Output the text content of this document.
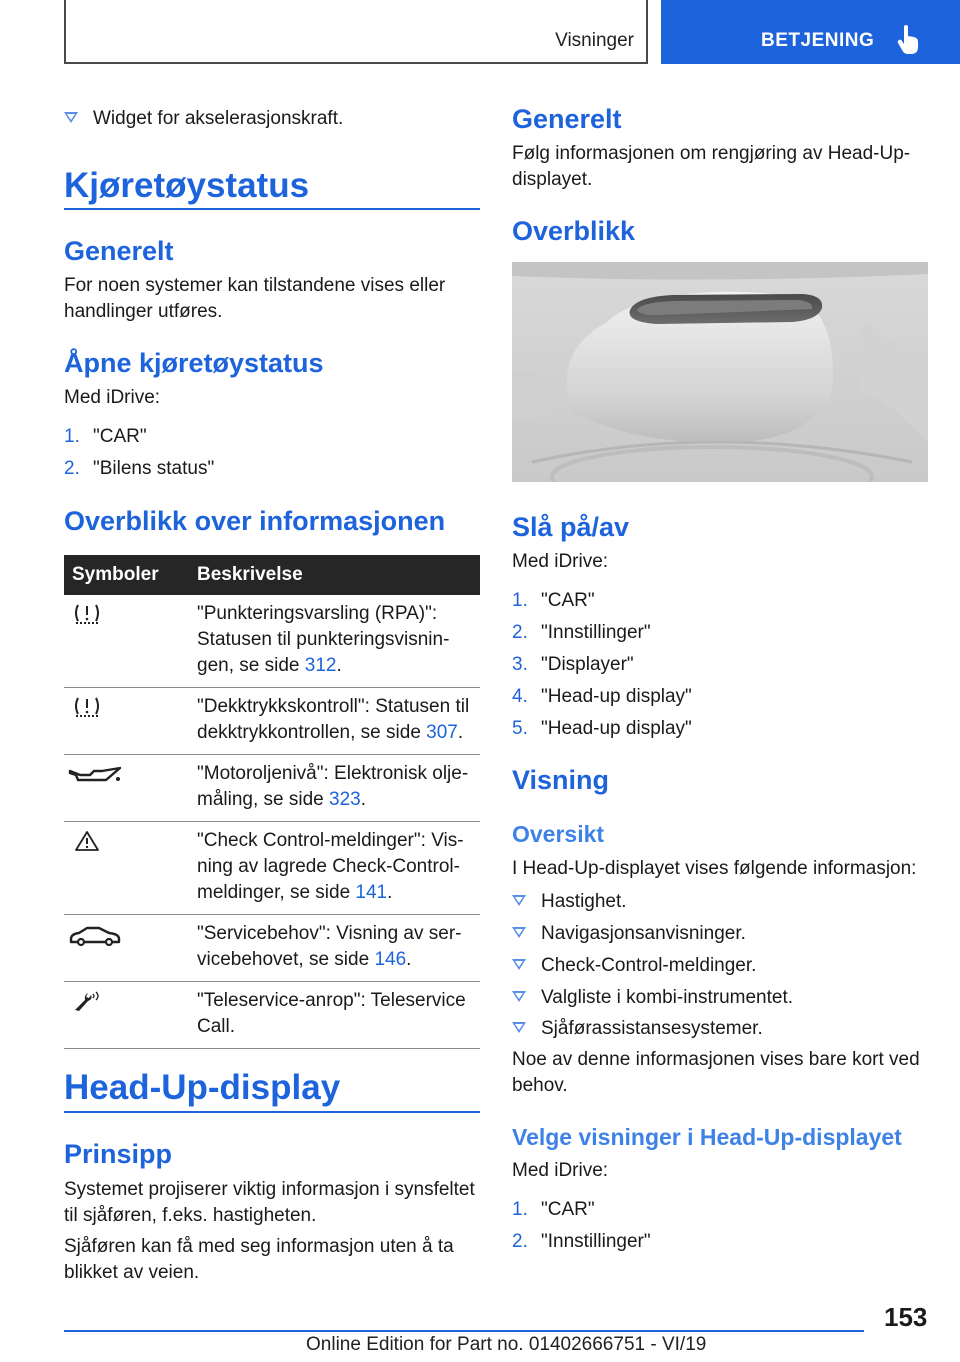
Visninger	BETJENING
Widget for akselerasjonskraft.
Kjøretøystatus
Generelt
For noen systemer kan tilstandene vises eller handlinger utføres.
Åpne kjøretøystatus
Med iDrive:
1. "CAR"
2. "Bilens status"
Overblikk over informasjonen
Symboler	Beskrivelse
	"Punkteringsvarsling (RPA)": Statusen til punkteringsvisnin-gen, se side 312.
	"Dekktrykkskontroll": Statusen til dekktrykkontrollen, se side 307.
	"Motoroljenivå": Elektronisk olje-måling, se side 323.
	"Check Control-meldinger": Vis-ning av lagrede Check-Control-meldinger, se side 141.
	"Servicebehov": Visning av ser-vicebehovet, se side 146.
	"Teleservice-anrop": Teleservice Call.
Head-Up-display
Prinsipp
Systemet projiserer viktig informasjon i synsfeltet til sjåføren, f.eks. hastigheten.
Sjåføren kan få med seg informasjon uten å ta blikket av veien.
Generelt
Følg informasjonen om rengjøring av Head-Up-displayet.
Overblikk
Slå på/av
Med iDrive:
1. "CAR"
2. "Innstillinger"
3. "Displayer"
4. "Head-up display"
5. "Head-up display"
Visning
Oversikt
I Head-Up-displayet vises følgende informasjon:
Hastighet.
Navigasjonsanvisninger.
Check-Control-meldinger.
Valgliste i kombi-instrumentet.
Sjåførassistansesystemer.
Noe av denne informasjonen vises bare kort ved behov.
Velge visninger i Head-Up-displayet
Med iDrive:
1. "CAR"
2. "Innstillinger"
153
Online Edition for Part no. 01402666751 - VI/19
